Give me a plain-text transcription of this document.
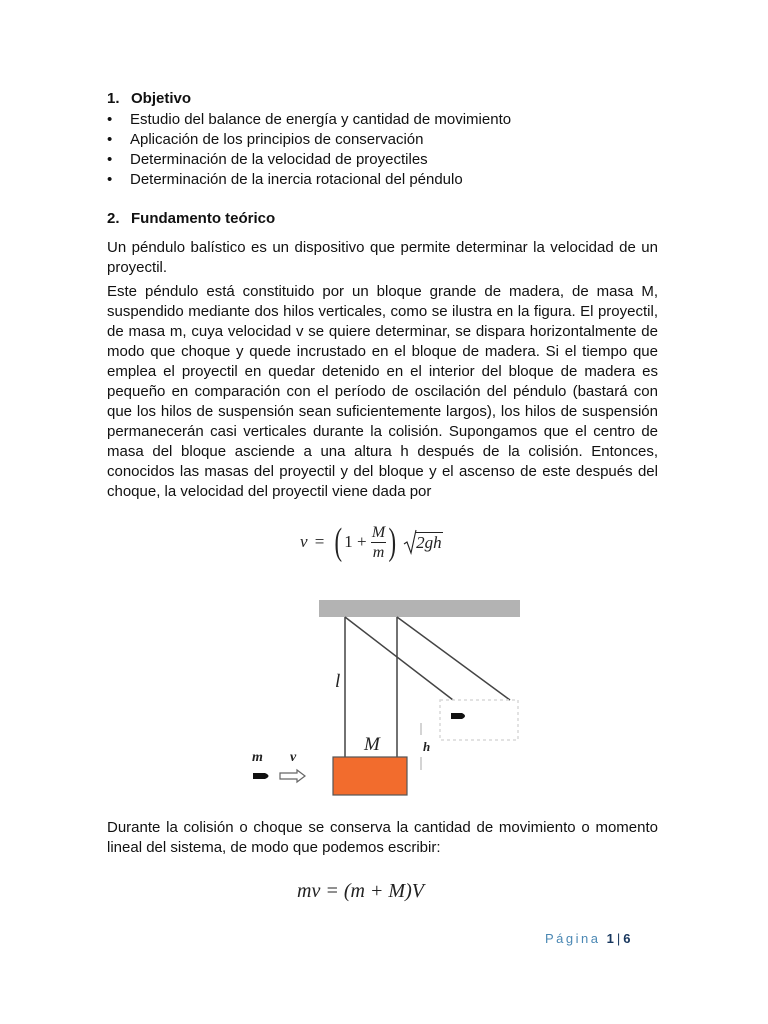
1. Objetivo
• Estudio del balance de energía y cantidad de movimiento
• Aplicación de los principios de conservación
• Determinación de la velocidad de proyectiles
• Determinación de la inercia rotacional del péndulo
2. Fundamento teórico

Un péndulo balístico es un dispositivo que permite determinar la velocidad de un proyectil.

Este péndulo está constituido por un bloque grande de madera, de masa M, suspendido mediante dos hilos verticales, como se ilustra en la figura. El proyectil, de masa m, cuya velocidad v se quiere determinar, se dispara horizontalmente de modo que choque y quede incrustado en el bloque de madera. Si el tiempo que emplea el proyectil en quedar detenido en el interior del bloque de madera es pequeño en comparación con el período de oscilación del péndulo (bastará con que los hilos de suspensión sean suficientemente largos), los hilos de suspensión permanecerán casi verticales durante la colisión. Supongamos que el centro de masa del bloque asciende a una altura h después de la colisión. Entonces, conocidos las masas del proyectil y del bloque y el ascenso de este después del choque, la velocidad del proyectil viene dada por

v = ( $1 + \frac{M}{m}$ ) 2gh
l
M	h
m v

Durante la colisión o choque se conserva la cantidad de movimiento o momento lineal del sistema, de modo que podemos escribir:

mv = (m + M)V
Página 1 | 6
